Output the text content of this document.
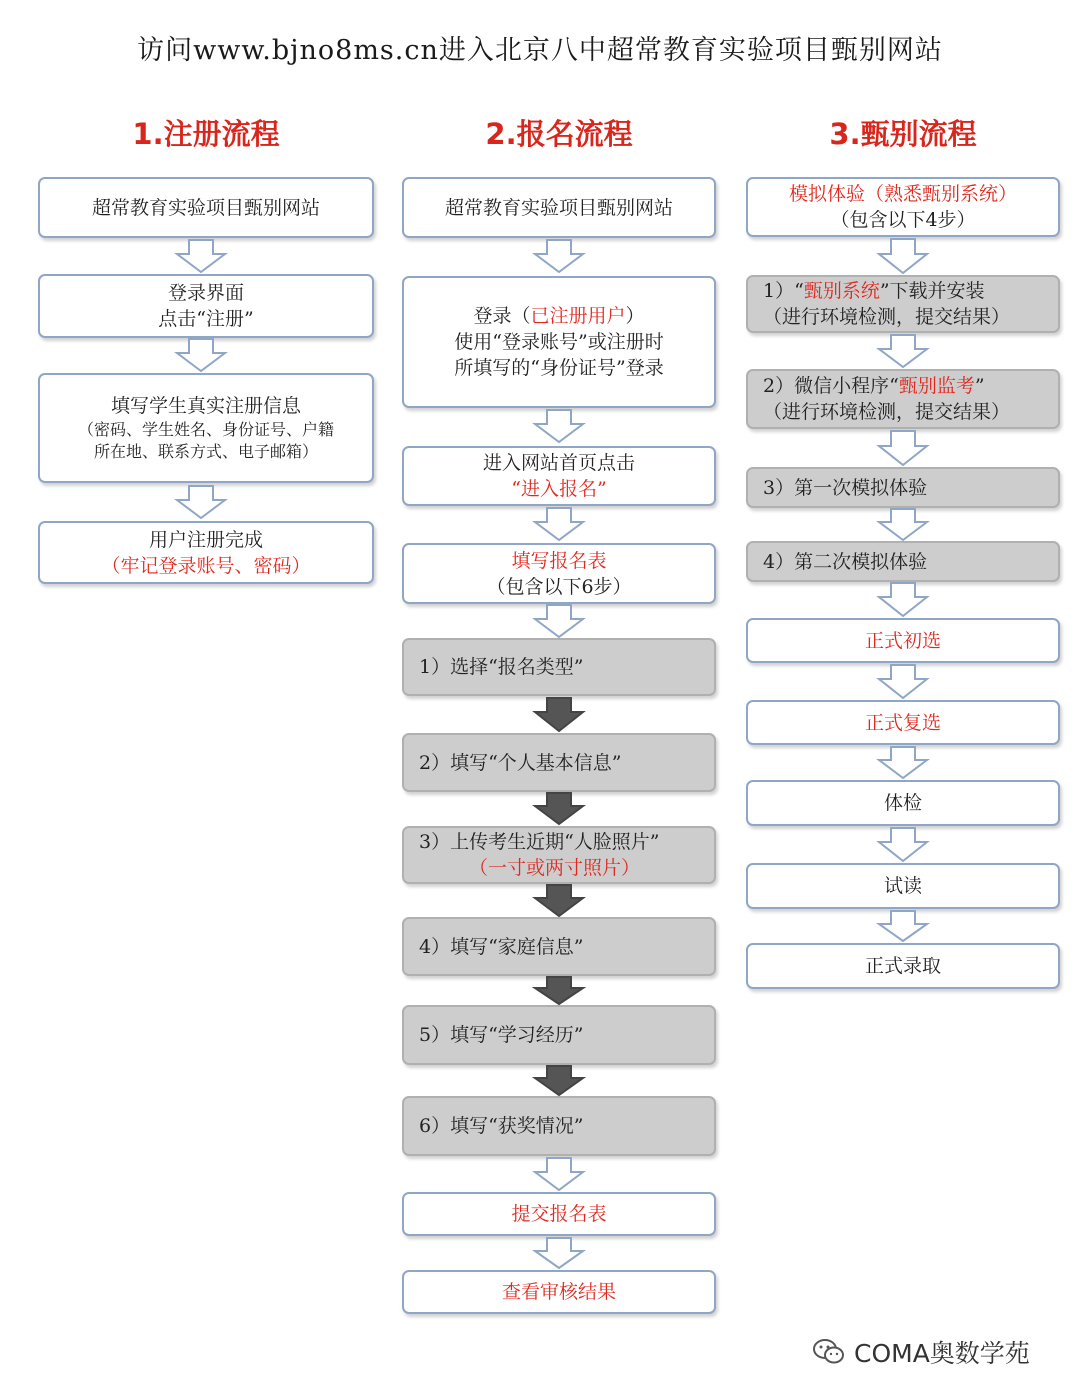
访问www.bjno8ms.cn进入北京八中超常教育实验项目甄别网站
1.注册流程
超常教育实验项目甄别网站
登录界面
点击“注册”
填写学生真实注册信息
（密码、学生姓名、身份证号、户籍
所在地、联系方式、电子邮箱）
用户注册完成
（牢记登录账号、密码）
2.报名流程
超常教育实验项目甄别网站
登录（已注册用户）
使用“登录账号”或注册时
所填写的“身份证号”登录
进入网站首页点击
“进入报名”
填写报名表
（包含以下6步）
1）选择“报名类型”
2）填写“个人基本信息”
3）上传考生近期“人脸照片”
（一寸或两寸照片）
4）填写“家庭信息”
5）填写“学习经历”
6）填写“获奖情况”
提交报名表
查看审核结果
3.甄别流程
模拟体验（熟悉甄别系统）
（包含以下4步）
1）“甄别系统”下载并安装
（进行环境检测，提交结果）
2）微信小程序“甄别监考”
（进行环境检测，提交结果）
3）第一次模拟体验
4）第二次模拟体验
正式初选
正式复选
体检
试读
正式录取
COMA奥数学苑
